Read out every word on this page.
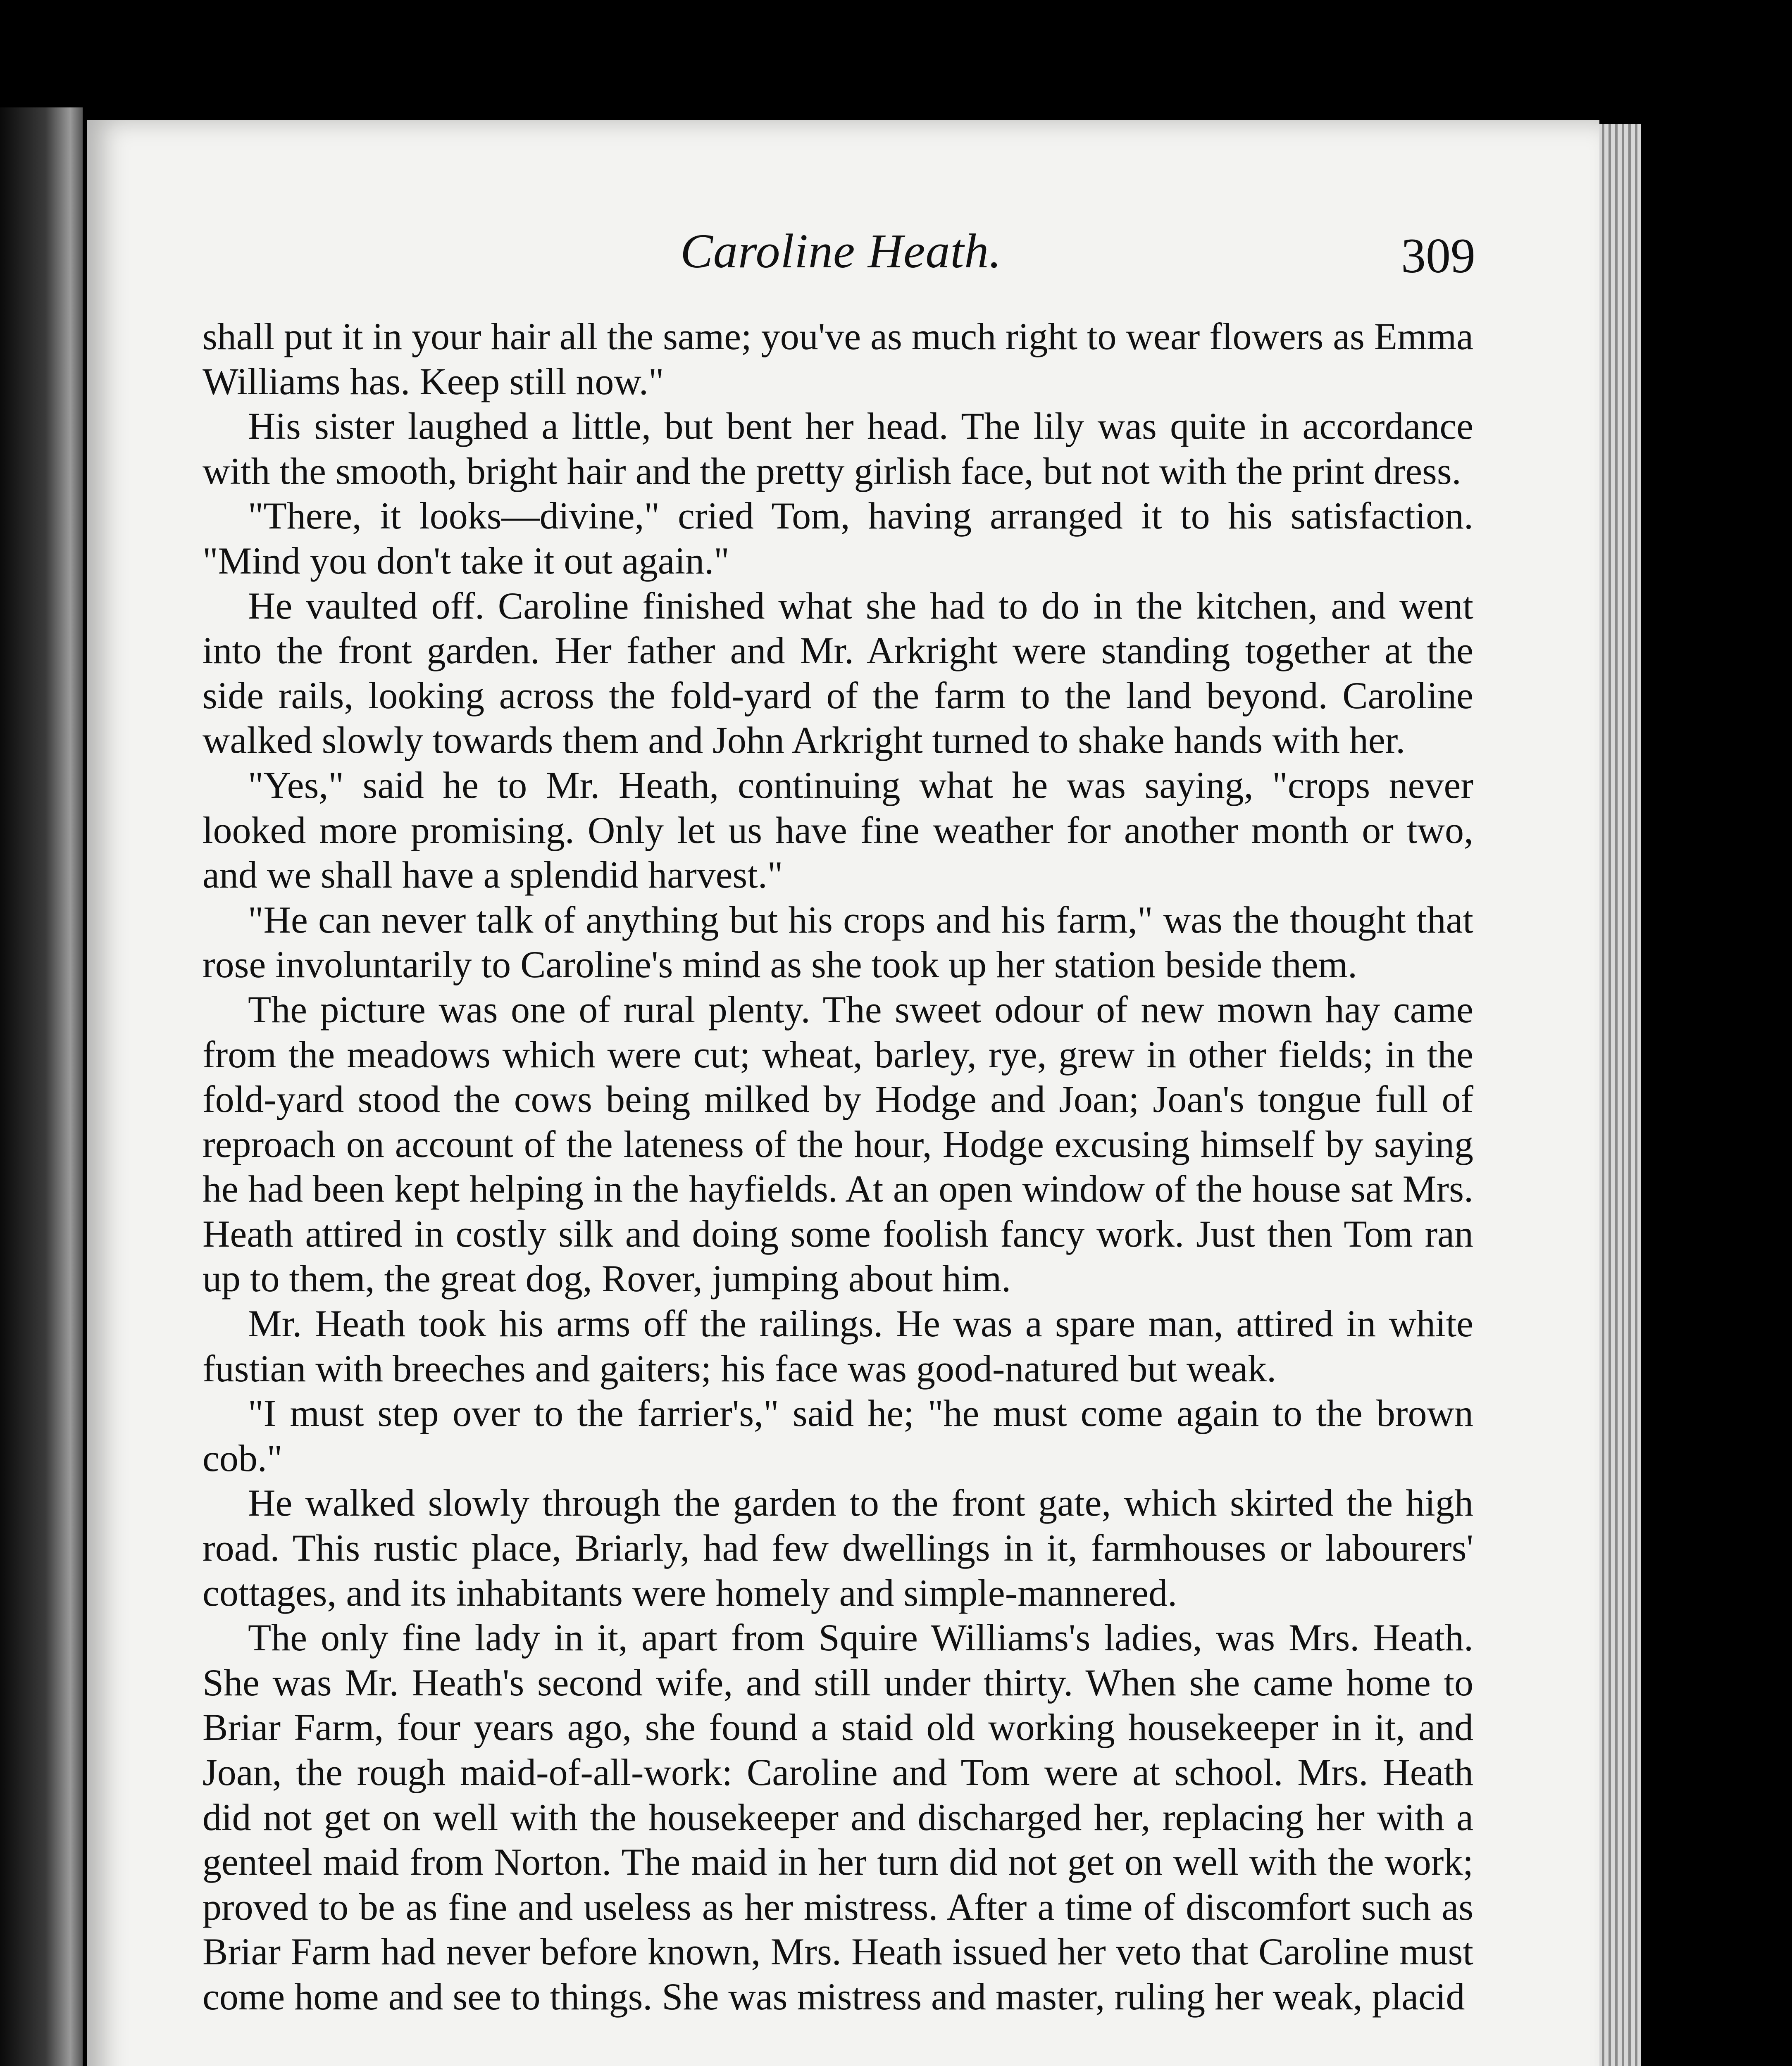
Caroline Heath.	309

shall put it in your hair all the same; you've as much right to wear flowers as Emma Williams has. Keep still now."

His sister laughed a little, but bent her head. The lily was quite in accordance with the smooth, bright hair and the pretty girlish face, but not with the print dress.

"There, it looks—divine," cried Tom, having arranged it to his satisfaction. "Mind you don't take it out again."

He vaulted off. Caroline finished what she had to do in the kitchen, and went into the front garden. Her father and Mr. Arkright were standing together at the side rails, looking across the fold-yard of the farm to the land beyond. Caroline walked slowly towards them and John Arkright turned to shake hands with her.

"Yes," said he to Mr. Heath, continuing what he was saying, "crops never looked more promising. Only let us have fine weather for another month or two, and we shall have a splendid harvest."

"He can never talk of anything but his crops and his farm," was the thought that rose involuntarily to Caroline's mind as she took up her station beside them.

The picture was one of rural plenty. The sweet odour of new mown hay came from the meadows which were cut; wheat, barley, rye, grew in other fields; in the fold-yard stood the cows being milked by Hodge and Joan; Joan's tongue full of reproach on account of the lateness of the hour, Hodge excusing himself by saying he had been kept helping in the hayfields. At an open window of the house sat Mrs. Heath attired in costly silk and doing some foolish fancy work. Just then Tom ran up to them, the great dog, Rover, jumping about him.

Mr. Heath took his arms off the railings. He was a spare man, attired in white fustian with breeches and gaiters; his face was good-natured but weak.

"I must step over to the farrier's," said he; "he must come again to the brown cob."

He walked slowly through the garden to the front gate, which skirted the high road. This rustic place, Briarly, had few dwellings in it, farmhouses or labourers' cottages, and its inhabitants were homely and simple-mannered.

The only fine lady in it, apart from Squire Williams's ladies, was Mrs. Heath. She was Mr. Heath's second wife, and still under thirty. When she came home to Briar Farm, four years ago, she found a staid old working housekeeper in it, and Joan, the rough maid-of-all-work: Caroline and Tom were at school. Mrs. Heath did not get on well with the housekeeper and discharged her, replacing her with a genteel maid from Norton. The maid in her turn did not get on well with the work; proved to be as fine and useless as her mistress. After a time of discomfort such as Briar Farm had never before known, Mrs. Heath issued her veto that Caroline must come home and see to things. She was mistress and master, ruling her weak, placid
